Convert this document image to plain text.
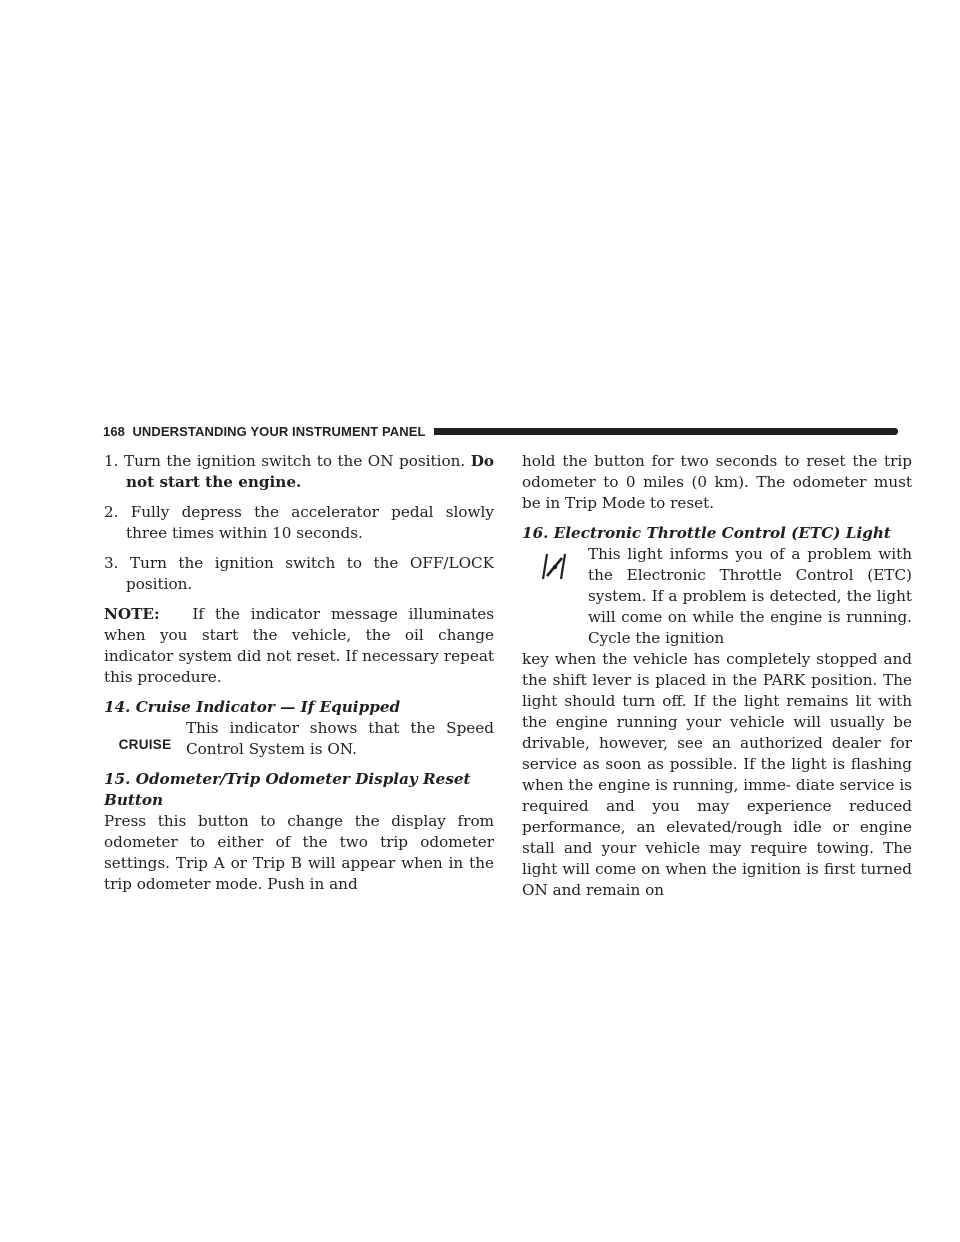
168 UNDERSTANDING YOUR INSTRUMENT PANEL

1. Turn the ignition switch to the ON position. Do not start the engine.

2. Fully depress the accelerator pedal slowly three times within 10 seconds.

3. Turn the ignition switch to the OFF/LOCK position.

NOTE: If the indicator message illuminates when you start the vehicle, the oil change indicator system did not reset. If necessary repeat this procedure.

14. Cruise Indicator — If Equipped

CRUISE

This indicator shows that the Speed Control System is ON.

15. Odometer/Trip Odometer Display Reset Button

Press this button to change the display from odometer to either of the two trip odometer settings. Trip A or Trip B will appear when in the trip odometer mode. Push in and

hold the button for two seconds to reset the trip odometer to 0 miles (0 km). The odometer must be in Trip Mode to reset.

16. Electronic Throttle Control (ETC) Light

This light informs you of a problem with the Electronic Throttle Control (ETC) system. If a problem is detected, the light will come on while the engine is running. Cycle the ignition

key when the vehicle has completely stopped and the shift lever is placed in the PARK position. The light should turn off. If the light remains lit with the engine running your vehicle will usually be drivable, however, see an authorized dealer for service as soon as possible. If the light is flashing when the engine is running, imme- diate service is required and you may experience reduced performance, an elevated/rough idle or engine stall and your vehicle may require towing. The light will come on when the ignition is first turned ON and remain on
